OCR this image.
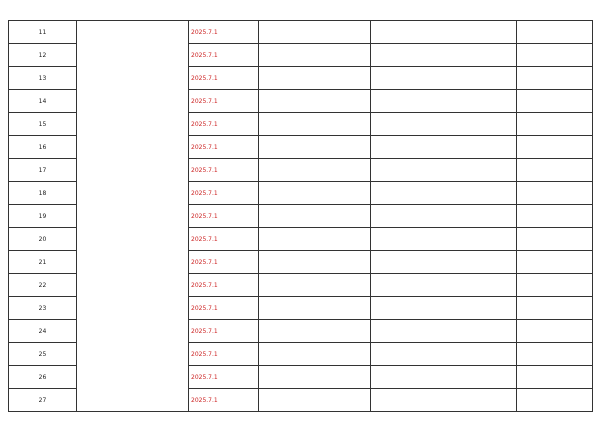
11		2025.7.1			
12		2025.7.1			
13		2025.7.1			
14		2025.7.1			
15		2025.7.1			
16		2025.7.1			
17		2025.7.1			
18		2025.7.1			
19		2025.7.1			
20		2025.7.1			
21		2025.7.1			
22		2025.7.1			
23		2025.7.1			
24		2025.7.1			
25		2025.7.1			
26		2025.7.1			
27		2025.7.1			
